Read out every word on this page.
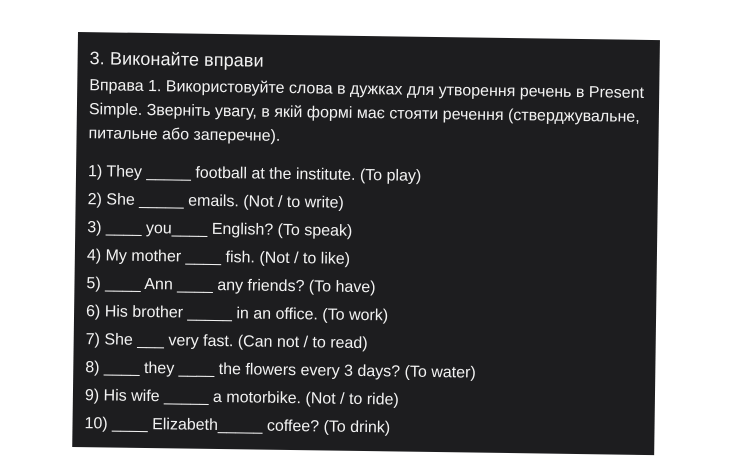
3. Виконайте вправи
Вправа 1. Використовуйте слова в дужках для утворення речень в Present Simple. Зверніть увагу, в якій формі має стояти речення (стверджувальне, питальне або заперечне).
1) They _____ football at the institute. (To play)
2) She _____ emails. (Not / to write)
3) ____ you____ English? (To speak)
4) My mother ____ fish. (Not / to like)
5) ____ Ann ____ any friends? (To have)
6) His brother _____ in an office. (To work)
7) She ___ very fast. (Can not / to read)
8) ____ they ____ the flowers every 3 days? (To water)
9) His wife _____ a motorbike. (Not / to ride)
10) ____ Elizabeth_____ coffee? (To drink)
